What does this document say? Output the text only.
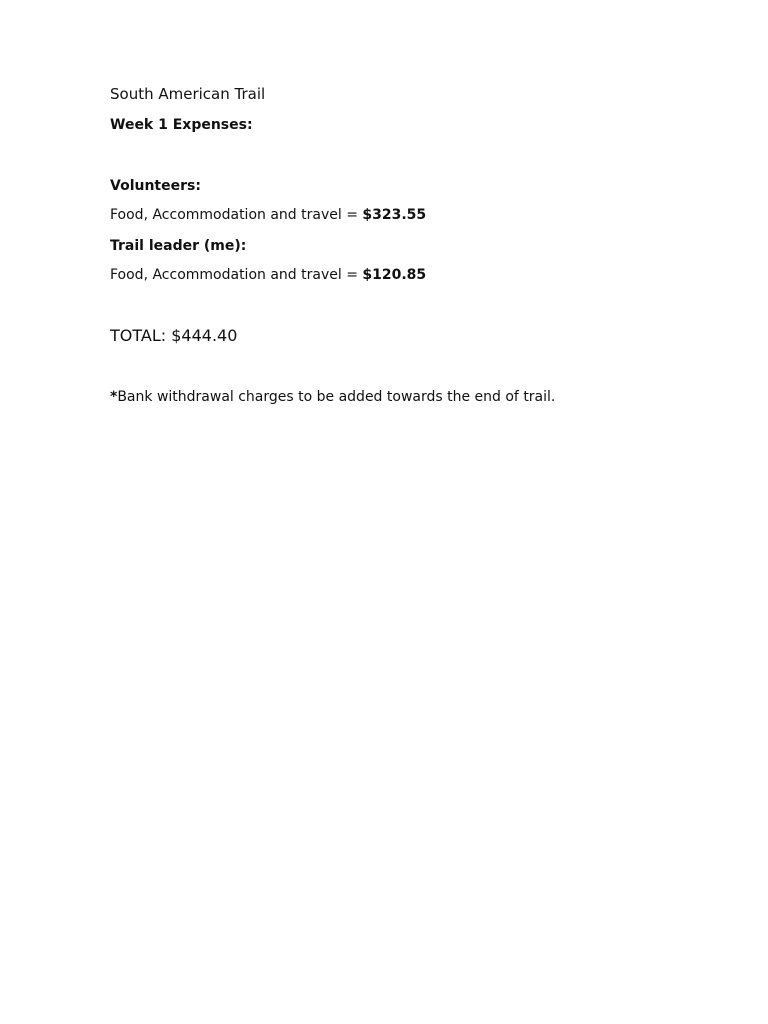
South American Trail
Week 1 Expenses:
Volunteers:
Food, Accommodation and travel = $323.55
Trail leader (me):
Food, Accommodation and travel = $120.85
TOTAL: $444.40
*Bank withdrawal charges to be added towards the end of trail.
